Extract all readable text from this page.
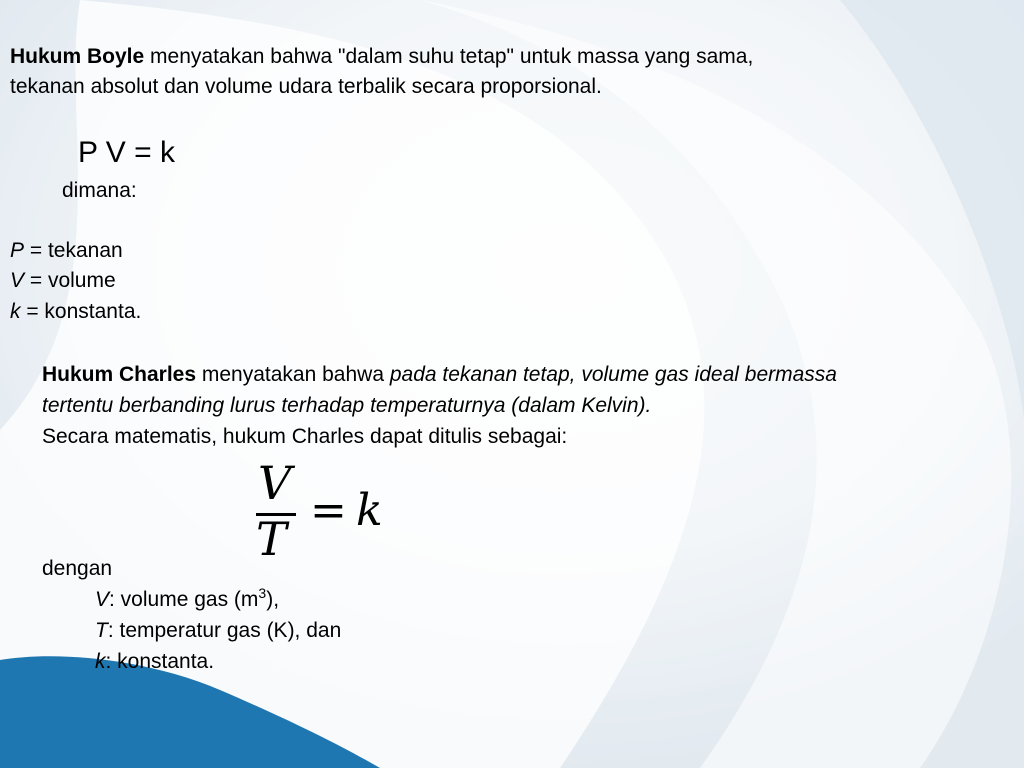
Hukum Boyle menyatakan bahwa "dalam suhu tetap" untuk massa yang sama,
tekanan absolut dan volume udara terbalik secara proporsional.
P V = k
dimana:
P = tekanan
V = volume
k = konstanta.
Hukum Charles menyatakan bahwa pada tekanan tetap, volume gas ideal bermassa
tertentu berbanding lurus terhadap temperaturnya (dalam Kelvin).
Secara matematis, hukum Charles dapat ditulis sebagai:
V
T
= k
dengan
V: volume gas $(m^3)$,
T: temperatur gas (K), dan
k: konstanta.
